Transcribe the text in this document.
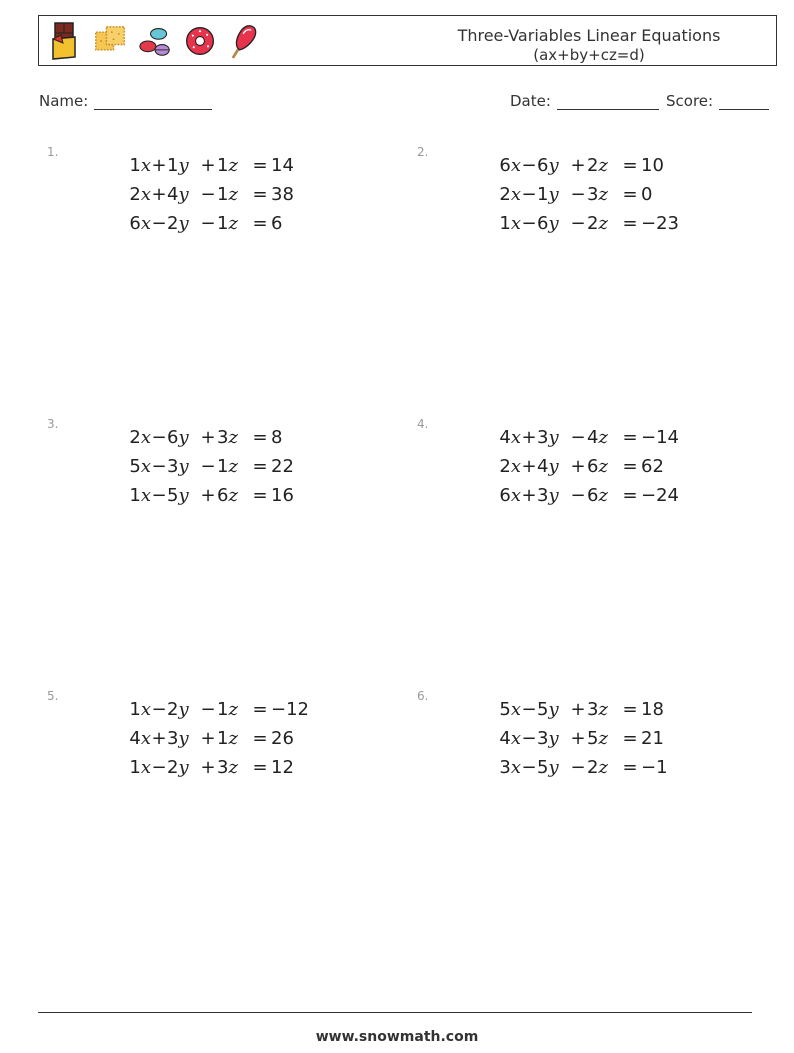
Three-Variables Linear Equations
(ax+by+cz=d)
Name:	Date:	Score:
1.
1x + 1y + 1z = 14
2x + 4y − 1z = 38
6x − 2y − 1z = 6
2.
6x − 6y + 2z = 10
2x − 1y − 3z = 0
1x − 6y − 2z = −23
3.
2x − 6y + 3z = 8
5x − 3y − 1z = 22
1x − 5y + 6z = 16
4.
4x + 3y − 4z = −14
2x + 4y + 6z = 62
6x + 3y − 6z = −24
5.
1x − 2y − 1z = −12
4x + 3y + 1z = 26
1x − 2y + 3z = 12
6.
5x − 5y + 3z = 18
4x − 3y + 5z = 21
3x − 5y − 2z = −1
www.snowmath.com
